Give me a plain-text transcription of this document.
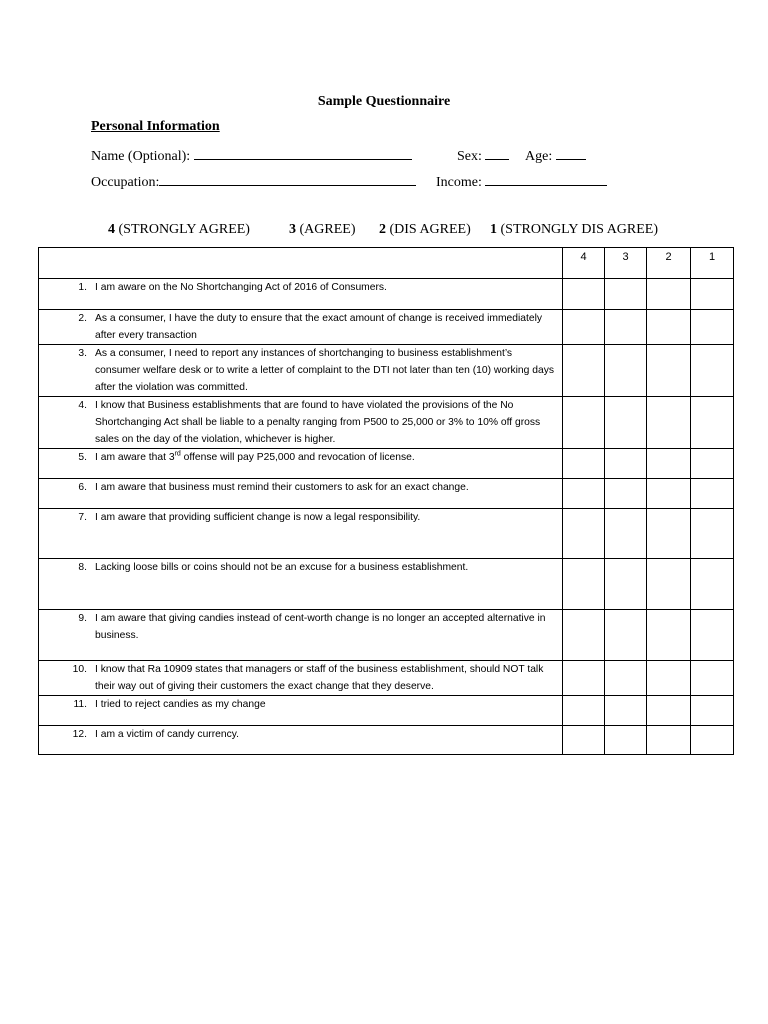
Sample Questionnaire
Personal Information
Name (Optional):	Sex:	Age:
Occupation:	Income:
4 (STRONGLY AGREE)	3 (AGREE) 2 (DIS AGREE) 1 (STRONGLY DIS AGREE)
	4	3	2	1

1. I am aware on the No Shortchanging Act of 2016 of Consumers.				

2. As a consumer, I have the duty to ensure that the exact amount of change is received immediately after every transaction				

3. As a consumer, I need to report any instances of shortchanging to business establishment’s consumer welfare desk or to write a letter of complaint to the DTI not later than ten (10) working days after the violation was committed.				

4. I know that Business establishments that are found to have violated the provisions of the No Shortchanging Act shall be liable to a penalty ranging from P500 to 25,000 or 3% to 10% off gross sales on the day of the violation, whichever is higher.				

5. I am aware that 3rd offense will pay P25,000 and revocation of license.				

6. I am aware that business must remind their customers to ask for an exact change.				

7. I am aware that providing sufficient change is now a legal responsibility.				

8. Lacking loose bills or coins should not be an excuse for a business establishment.				

9. I am aware that giving candies instead of cent-worth change is no longer an accepted alternative in business.				

10. I know that Ra 10909 states that managers or staff of the business establishment, should NOT talk their way out of giving their customers the exact change that they deserve.				

11. I tried to reject candies as my change				

12. I am a victim of candy currency.				
